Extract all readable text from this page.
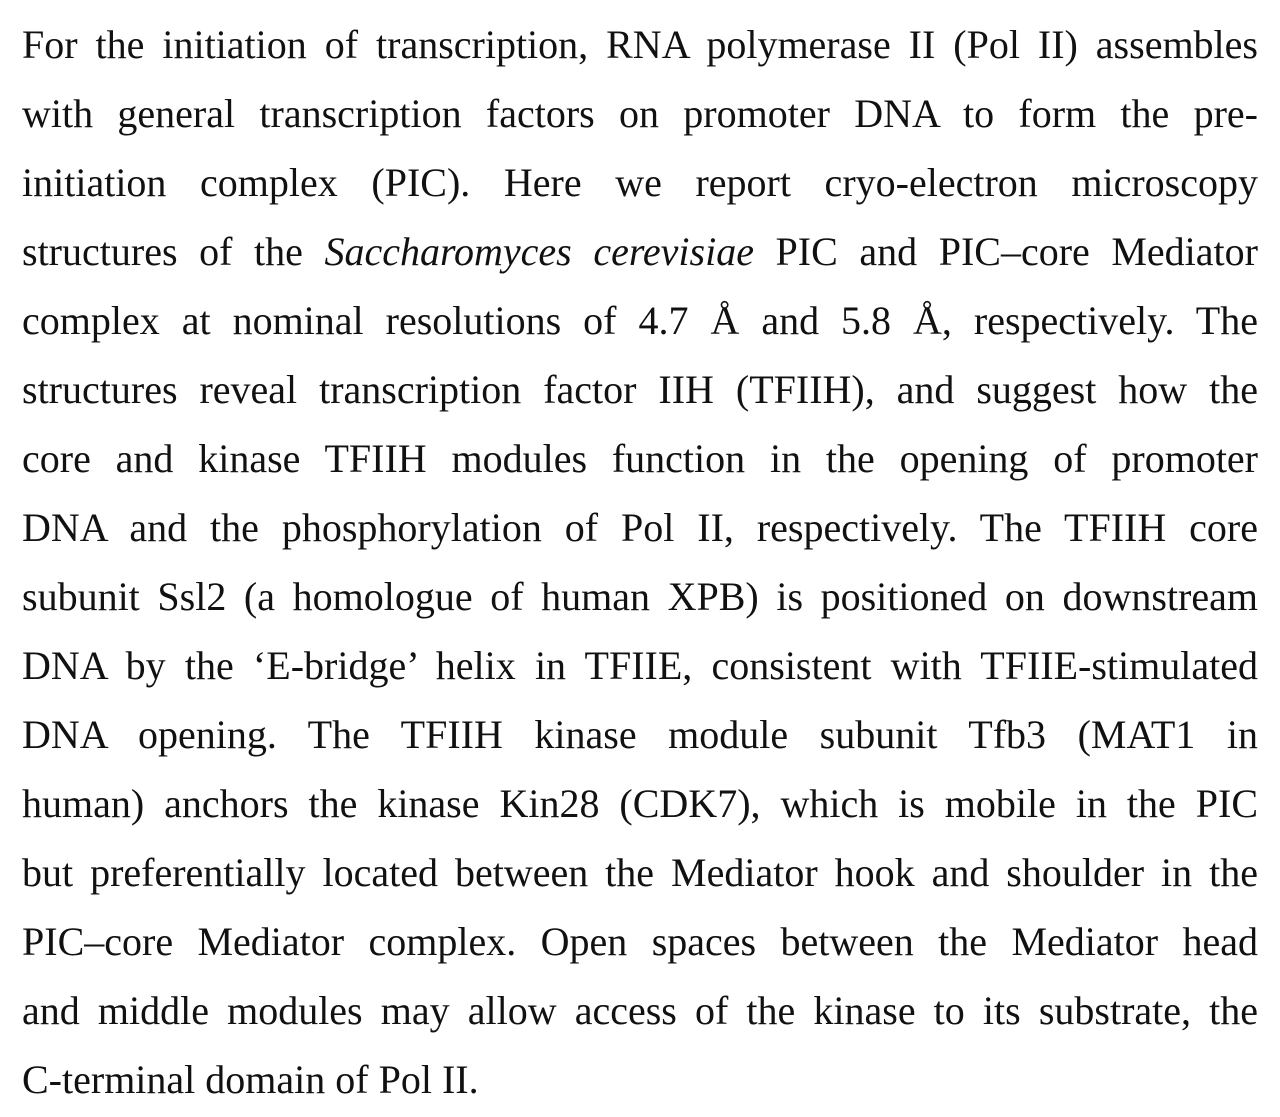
For the initiation of transcription, RNA polymerase II (Pol II) assembles
with general transcription factors on promoter DNA to form the pre-
initiation complex (PIC). Here we report cryo-electron microscopy
structures of the Saccharomyces cerevisiae PIC and PIC–core Mediator
complex at nominal resolutions of 4.7 Å and 5.8 Å, respectively. The
structures reveal transcription factor IIH (TFIIH), and suggest how the
core and kinase TFIIH modules function in the opening of promoter
DNA and the phosphorylation of Pol II, respectively. The TFIIH core
subunit Ssl2 (a homologue of human XPB) is positioned on downstream
DNA by the ‘E-bridge’ helix in TFIIE, consistent with TFIIE-stimulated
DNA opening. The TFIIH kinase module subunit Tfb3 (MAT1 in
human) anchors the kinase Kin28 (CDK7), which is mobile in the PIC
but preferentially located between the Mediator hook and shoulder in the
PIC–core Mediator complex. Open spaces between the Mediator head
and middle modules may allow access of the kinase to its substrate, the
C-terminal domain of Pol II.
